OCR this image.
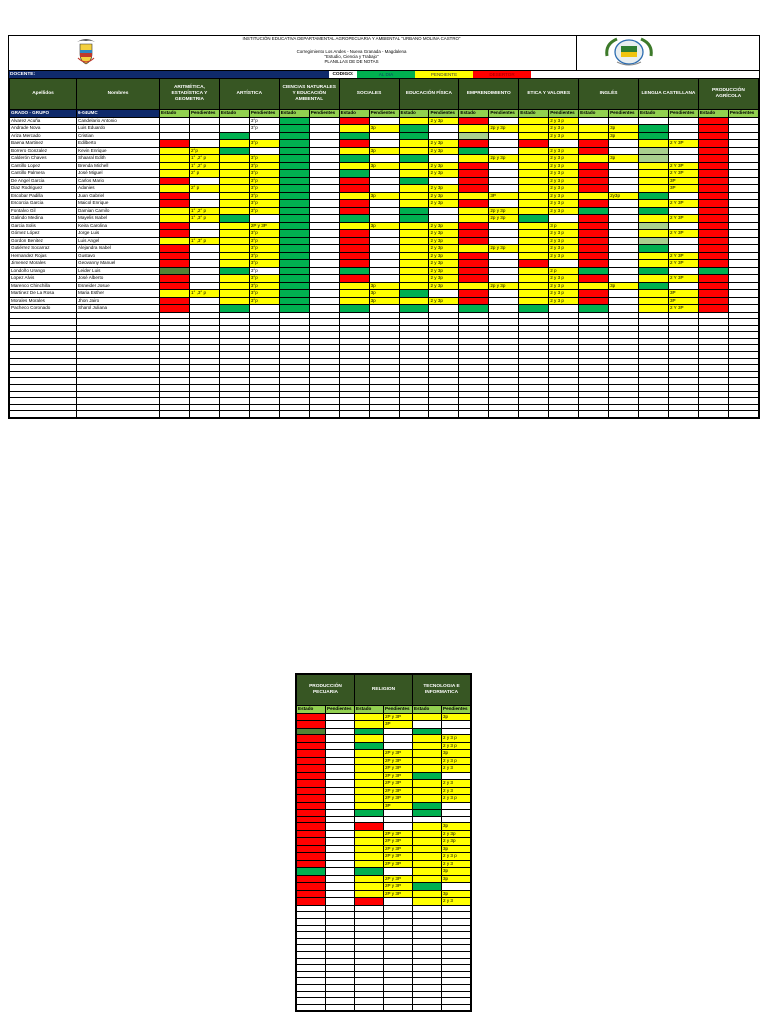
INSTITUCIÓN EDUCATIVA DEPARTAMENTAL AGROPECUARIA Y AMBIENTAL "URBANO MOLINA CASTRO"
Corregimiento Los Andes - Nueva Granada - Magdalena
"Estudio, Ciencia y Trabajo"
PLANILLAS DE DE NOTAS
DOCENTE:	CODIGO:	AL DIA	PENDIENTE	DESERTOR
Apellidos	Nombres	ARITMÉTICA, ESTADÍSTICA Y GEOMETRIA		ARTÍSTICA		CIENCIAS NATURALES Y EDUCACIÓN AMBIENTAL		SOCIALES		EDUCACIÓN FÍSICA		EMPRENDIMIENTO		ETICA Y VALORES		INGLÉS		LENGUA CASTELLANA		PRODUCCIÓN AGRÍCOLA	
GRADO - GRUPO	6-04UMC	Estado	Pendientes	Estado	Pendientes	Estado	Pendientes	Estado	Pendientes	Estado	Pendientes	Estado	Pendientes	Estado	Pendientes	Estado	Pendientes	Estado	Pendientes	Estado	Pendientes
Alvarez Acuña	Candelario Antonio				3°p						2 y 3p				2 y 3 p						
Andrade Nova	Luis Eduardo				3°p				3p				2p y 3p		2 y 3 p		3p				
Ariza Mercado	Cristian														2 y 3 p		3p				
Baena Martinez	Edilberto				3°p						2 y 3p								2 Y 3P		
Borrero Gonzalez	Kevin Enrique		2°p						3p		2 y 3p				2 y 3 p						
Calderón Chaves	Shaaral Edith		1° ,2° p		3°p								2p y 3p		2 y 3 p		3p				
Cantillo Lopez	Brenda Michell		1° ,2° p		3°p				3p		2 y 3p				2 y 3 p				2 Y 3P		
Cantillo Palmera	José Miguel		2° p		3°p						2 y 3p				2 y 3 p				2 Y 3P		
De Angel Garcia	Carlos Mario				3°p										2 y 3 p				3P		
Diaz Rodriguez	Adanies		2° p		3°p						2 y 3p				2 y 3 p				3P		
Escobar Padilla	Juan Gabriel				3°p				3p		2 y 3p		3P		2 y 3 p		2y3p				
Escorcia Garcia	Maicol Enrique				3°p						2 y 3p				2 y 3 p				2 Y 3P		
Fontalvo Gil	Damian Camilo		1° ,2° p		3°p								2p y 3p		2 y 3 p						
Galindo Medina	Mayelis Isabel		1° ,3° p										2p y 3p						2 Y 3P		
Garcia Solis	Keira Carolina				2P y 3P				3p		2 y 3p				3 p						
Gómez López	Jorge Luis				3°p						2 y 3p				2 y 3 p				2 Y 3P		
Gordon Benitez	Luis Angel		1° ,3° p		3°p						2 y 3p				2 y 3 p						
Gutiérrez Socarraz	Alejandra Isabel				3°p						2 y 3p		2p y 3p		2 y 3 p						
Hernandez Rojas	Gustavo				3°p						2 y 3p				2 y 3 p				2 Y 3P		
Jimenez Morales	Geovanny Manuel				3°p						2 y 3p								2 Y 3P		
Londoño Urango	Leider Luis				3°p						2 y 3p				2 p						
Lopez Alvis	José Alberto				3°p						2 y 3p				2 y 3 p				2 Y 3P		
Marenco Chinchilla	Esneider Josue				3°p				3p		2 y 3p		2p y 3p		2 y 3 p		3p				
Martinez De La Rosa	Maria Esther		1° ,3° p		3°p				3p						2 y 3 p				3P		
Morales Morales	Jhon Jairo				3°p				3p		2 y 3p				2 y 3 p				3P		
Pacheco Coronado	Sharol Juliana																		2 Y 3P		

PRODUCCIÓN PECUARIA		RELIGION		TECNOLOGIA E INFORMATICA	
Estado	Pendientes	Estado	Pendientes	Estado	Pendientes
			2P y 3P		3p
			3P		

					2 y 3 p
					2 y 3 p
			2P y 3P		3p
			2P y 3P		2 y 3 p
			2P y 3P		2 y 3
			2P y 3P		
			2P y 3P		2 y 3
			2P y 3P		2 y 3
			2P y 3P		2 y 3 p
			3P		

					3p
			2P y 3P		2 y 3p
			2P y 3P		2 y 3p
			2P y 3P		3p
			2P y 3P		2 y 3 p
			2P y 3P		2 y 3
					3p
			2P y 3P		3p
			2P y 3P		
			2P y 3P		3p
					2 y 3
